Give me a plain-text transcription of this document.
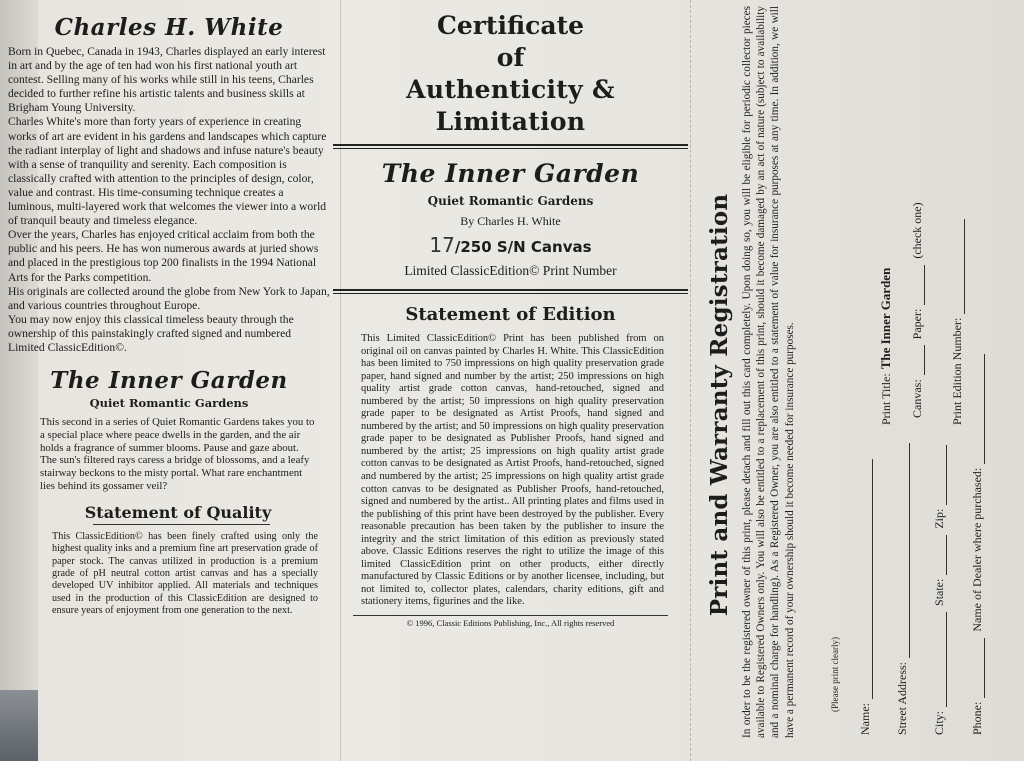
Charles H. White

Born in Quebec, Canada in 1943, Charles displayed an early interest in art and by the age of ten had won his first national youth art contest. Selling many of his works while still in his teens, Charles decided to further refine his artistic talents and business skills at Brigham Young University.

Charles White's more than forty years of experience in creating works of art are evident in his gardens and landscapes which capture the radiant interplay of light and shadows and infuse nature's beauty with a sense of tranquility and serenity. Each composition is classically crafted with attention to the principles of design, color, value and contrast. His time-consuming technique creates a luminous, multi-layered work that welcomes the viewer into a world of tranquil beauty and timeless elegance.

Over the years, Charles has enjoyed critical acclaim from both the public and his peers. He has won numerous awards at juried shows and placed in the prestigious top 200 finalists in the 1994 National Arts for the Parks competition.

His originals are collected around the globe from New York to Japan, and various countries throughout Europe.

You may now enjoy this classical timeless beauty through the ownership of this painstakingly crafted signed and numbered Limited ClassicEdition©.

The Inner Garden
Quiet Romantic Gardens
This second in a series of Quiet Romantic Gardens takes you to a special place where peace dwells in the garden, and the air holds a fragrance of summer blooms. Pause and gaze about. The sun's filtered rays caress a bridge of blossoms, and a leafy stairway beckons to the misty portal. What rare enchantment lies behind its gossamer veil?
Statement of Quality
This ClassicEdition© has been finely crafted using only the highest quality inks and a premium fine art preservation grade of paper stock. The canvas utilized in production is a premium grade of pH neutral cotton artist canvas and has a specially developed UV inhibitor applied. All materials and techniques used in the production of this ClassicEdition are designed to ensure years of enjoyment from one generation to the next.
Certificate
of
Authenticity & Limitation
The Inner Garden
Quiet Romantic Gardens
By Charles H. White
17/250 S/N Canvas
Limited ClassicEdition© Print Number
Statement of Edition
This Limited ClassicEdition© Print has been published from on original oil on canvas painted by Charles H. White. This ClassicEdition has been limited to 750 impressions on high quality preservation grade paper, hand signed and number by the artist; 250 impressions on high quality artist grade cotton canvas, hand-retouched, signed and numbered by the artist; 50 impressions on high quality preservation grade paper to be designated as Artist Proofs, hand signed and numbered by the artist; and 50 impressions on high quality preservation grade paper to be designated as Publisher Proofs, hand signed and numbered by the artist; 25 impressions on high quality artist grade cotton canvas to be designated as Artist Proofs, hand-retouched, signed and numbered by the artist; 25 impressions on high quality artist grade cotton canvas to be designated as Publisher Proofs, hand-retouched, signed and numbered by the artist.. All printing plates and films used in the publishing of this print have been destroyed by the publisher. Every reasonable precaution has been taken by the publisher to insure the integrity and the strict limitation of this edition as previously stated above. Classic Editions reserves the right to utilize the image of this limited ClassicEdition print on other products, either directly manufactured by Classic Editions or by another licensee, including, but not limited to, collector plates, calendars, charity editions, gift and stationery items, figurines and the like.
© 1996, Classic Editions Publishing, Inc., All rights reserved
Print and Warranty Registration In order to be the registered owner of this print, please detach and fill out this card completely. Upon doing so, you will be eligible for periodic collector pieces available to Registered Owners only. You will also be entitled to a replacement of this print, should it become damaged by an act of nature (subject to availability and a nominal charge for handling). As a Registered Owner, you are also entitled to a statement of value for insurance purposes at any time. In addition, we will have a permanent record of your ownership should it become needed for insurance purposes.	(Please print clearly)
Name:
Print Title:
The Inner Garden
Street Address:
Canvas:
Paper:
(check one)
City:
State:
Zip:
Print Edition Number:
Phone:
Name of Dealer where purchased:
